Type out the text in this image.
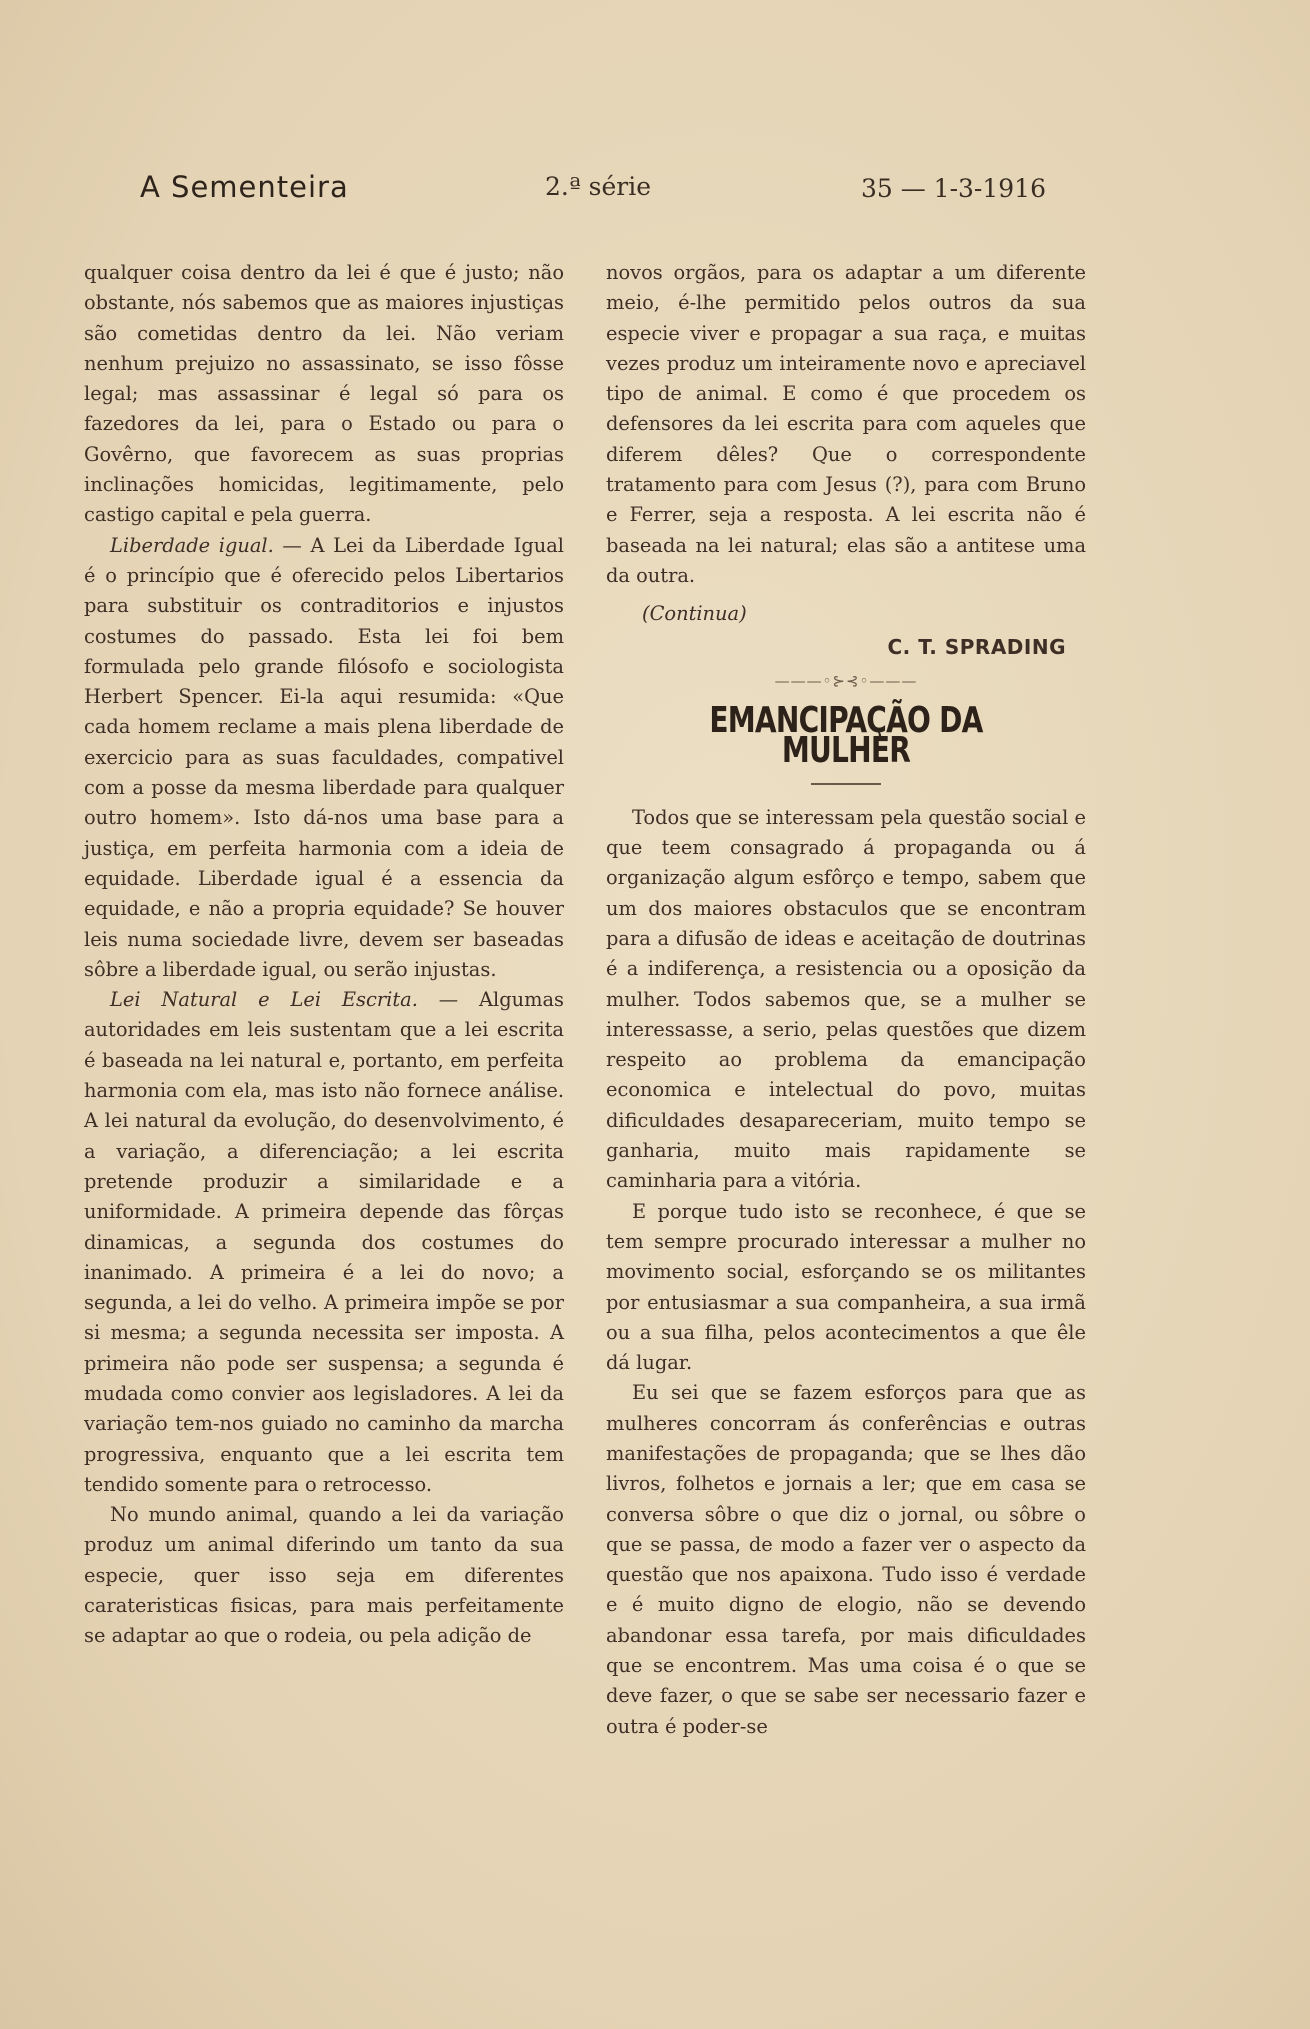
A Sementeira	2.ª série	35 — 1-3-1916

qualquer coisa dentro da lei é que é justo; não obstante, nós sabemos que as maiores injustiças são cometidas dentro da lei. Não veriam nenhum prejuizo no assassinato, se isso fôsse legal; mas assassinar é legal só para os fazedores da lei, para o Estado ou para o Govêrno, que favorecem as suas proprias inclinações homicidas, legitimamente, pelo castigo capital e pela guerra.

Liberdade igual. — A Lei da Liberdade Igual é o princípio que é oferecido pelos Libertarios para substituir os contraditorios e injustos costumes do passado. Esta lei foi bem formulada pelo grande filósofo e sociologista Herbert Spencer. Ei-la aqui resumida: «Que cada homem reclame a mais plena liberdade de exercicio para as suas faculdades, compativel com a posse da mesma liberdade para qualquer outro homem». Isto dá-nos uma base para a justiça, em perfeita harmonia com a ideia de equidade. Liberdade igual é a essencia da equidade, e não a propria equidade? Se houver leis numa sociedade livre, devem ser baseadas sôbre a liberdade igual, ou serão injustas.

Lei Natural e Lei Escrita. — Algumas autoridades em leis sustentam que a lei escrita é baseada na lei natural e, portanto, em perfeita harmonia com ela, mas isto não fornece análise. A lei natural da evolução, do desenvolvimento, é a variação, a diferenciação; a lei escrita pretende produzir a similaridade e a uniformidade. A primeira depende das fôrças dinamicas, a segunda dos costumes do inanimado. A primeira é a lei do novo; a segunda, a lei do velho. A primeira impõe se por si mesma; a segunda necessita ser imposta. A primeira não pode ser suspensa; a segunda é mudada como convier aos legisladores. A lei da variação tem-nos guiado no caminho da marcha progressiva, enquanto que a lei escrita tem tendido somente para o retrocesso.

No mundo animal, quando a lei da variação produz um animal diferindo um tanto da sua especie, quer isso seja em diferentes carateristicas fisicas, para mais perfeitamente se adaptar ao que o rodeia, ou pela adição de

novos orgãos, para os adaptar a um diferente meio, é-lhe permitido pelos outros da sua especie viver e propagar a sua raça, e muitas vezes produz um inteiramente novo e apreciavel tipo de animal. E como é que procedem os defensores da lei escrita para com aqueles que diferem dêles? Que o correspondente tratamento para com Jesus (?), para com Bruno e Ferrer, seja a resposta. A lei escrita não é baseada na lei natural; elas são a antitese uma da outra.

(Continua)

C. T. SPRADING

———◦⊱⊰◦———

EMANCIPAÇÃO DA MULHER

Todos que se interessam pela questão social e que teem consagrado á propaganda ou á organização algum esfôrço e tempo, sabem que um dos maiores obstaculos que se encontram para a difusão de ideas e aceitação de doutrinas é a indiferença, a resistencia ou a oposição da mulher. Todos sabemos que, se a mulher se interessasse, a serio, pelas questões que dizem respeito ao problema da emancipação economica e intelectual do povo, muitas dificuldades desapareceriam, muito tempo se ganharia, muito mais rapidamente se caminharia para a vitória.

E porque tudo isto se reconhece, é que se tem sempre procurado interessar a mulher no movimento social, esforçando se os militantes por entusiasmar a sua companheira, a sua irmã ou a sua filha, pelos acontecimentos a que êle dá lugar.

Eu sei que se fazem esforços para que as mulheres concorram ás conferências e outras manifestações de propaganda; que se lhes dão livros, folhetos e jornais a ler; que em casa se conversa sôbre o que diz o jornal, ou sôbre o que se passa, de modo a fazer ver o aspecto da questão que nos apaixona. Tudo isso é verdade e é muito digno de elogio, não se devendo abandonar essa tarefa, por mais dificuldades que se encontrem. Mas uma coisa é o que se deve fazer, o que se sabe ser necessario fazer e outra é poder-se
